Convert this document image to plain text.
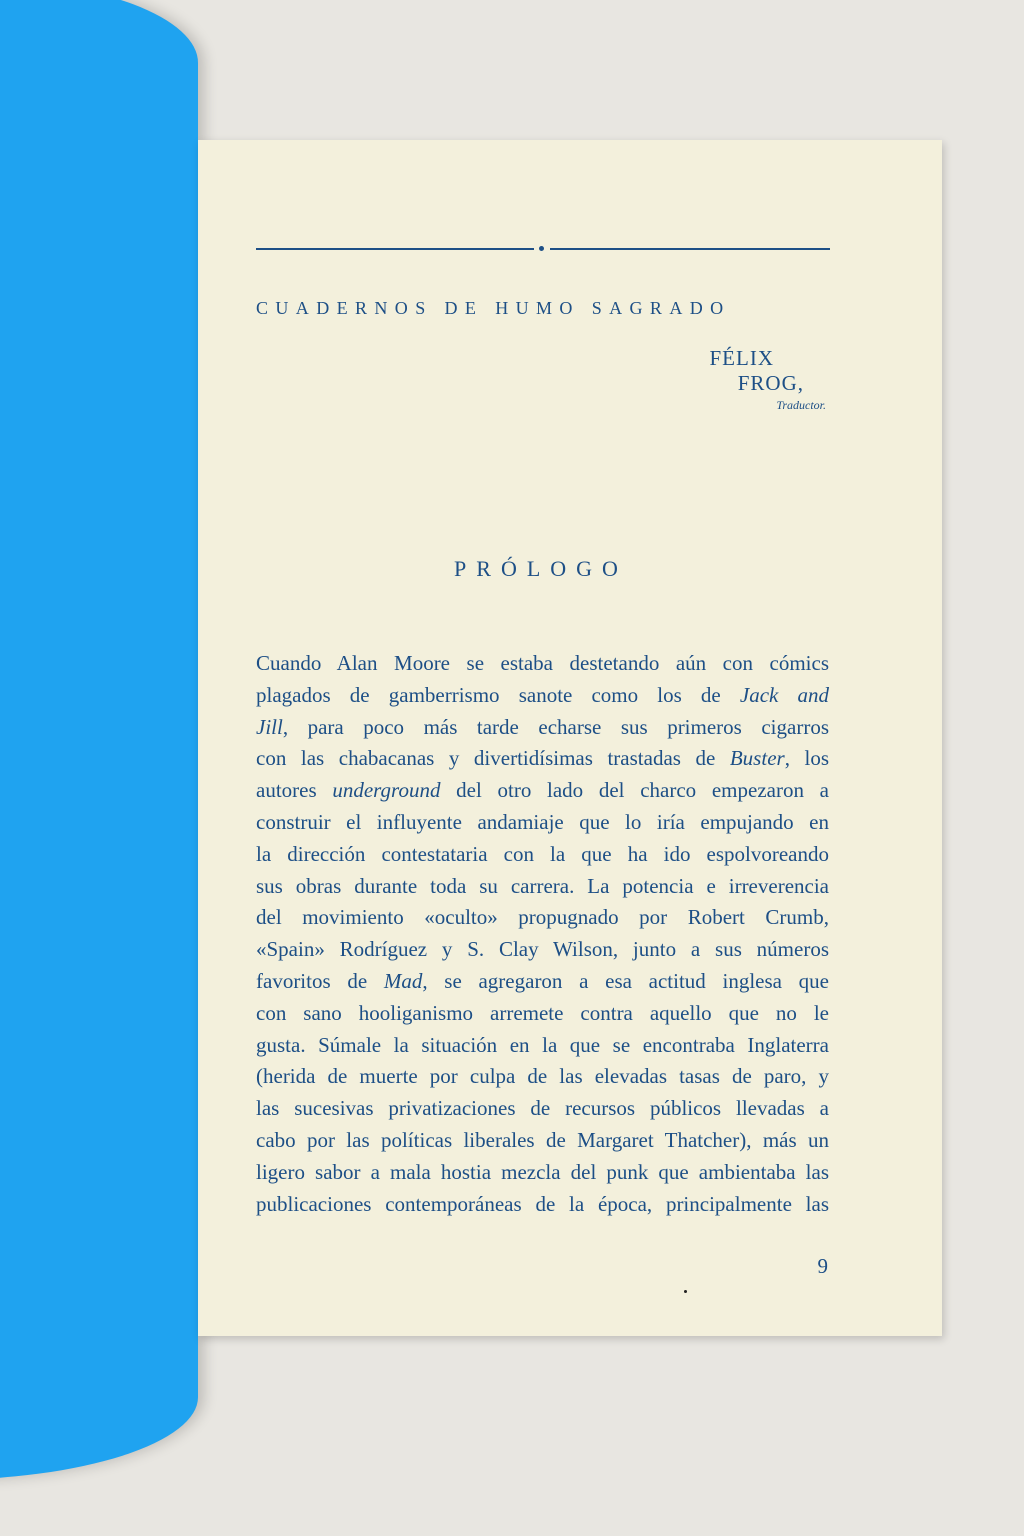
CUADERNOS DE HUMO SAGRADO
FÉLIX
FROG,
Traductor.
PRÓLOGO
Cuando Alan Moore se estaba destetando aún con cómics
plagados de gamberrismo sanote como los de Jack and
Jill, para poco más tarde echarse sus primeros cigarros
con las chabacanas y divertidísimas trastadas de Buster, los
autores underground del otro lado del charco empezaron a
construir el influyente andamiaje que lo iría empujando en
la dirección contestataria con la que ha ido espolvoreando
sus obras durante toda su carrera. La potencia e irreverencia
del movimiento «oculto» propugnado por Robert Crumb,
«Spain» Rodríguez y S. Clay Wilson, junto a sus números
favoritos de Mad, se agregaron a esa actitud inglesa que
con sano hooliganismo arremete contra aquello que no le
gusta. Súmale la situación en la que se encontraba Inglaterra
(herida de muerte por culpa de las elevadas tasas de paro, y
las sucesivas privatizaciones de recursos públicos llevadas a
cabo por las políticas liberales de Margaret Thatcher), más un
ligero sabor a mala hostia mezcla del punk que ambientaba las
publicaciones contemporáneas de la época, principalmente las
9
